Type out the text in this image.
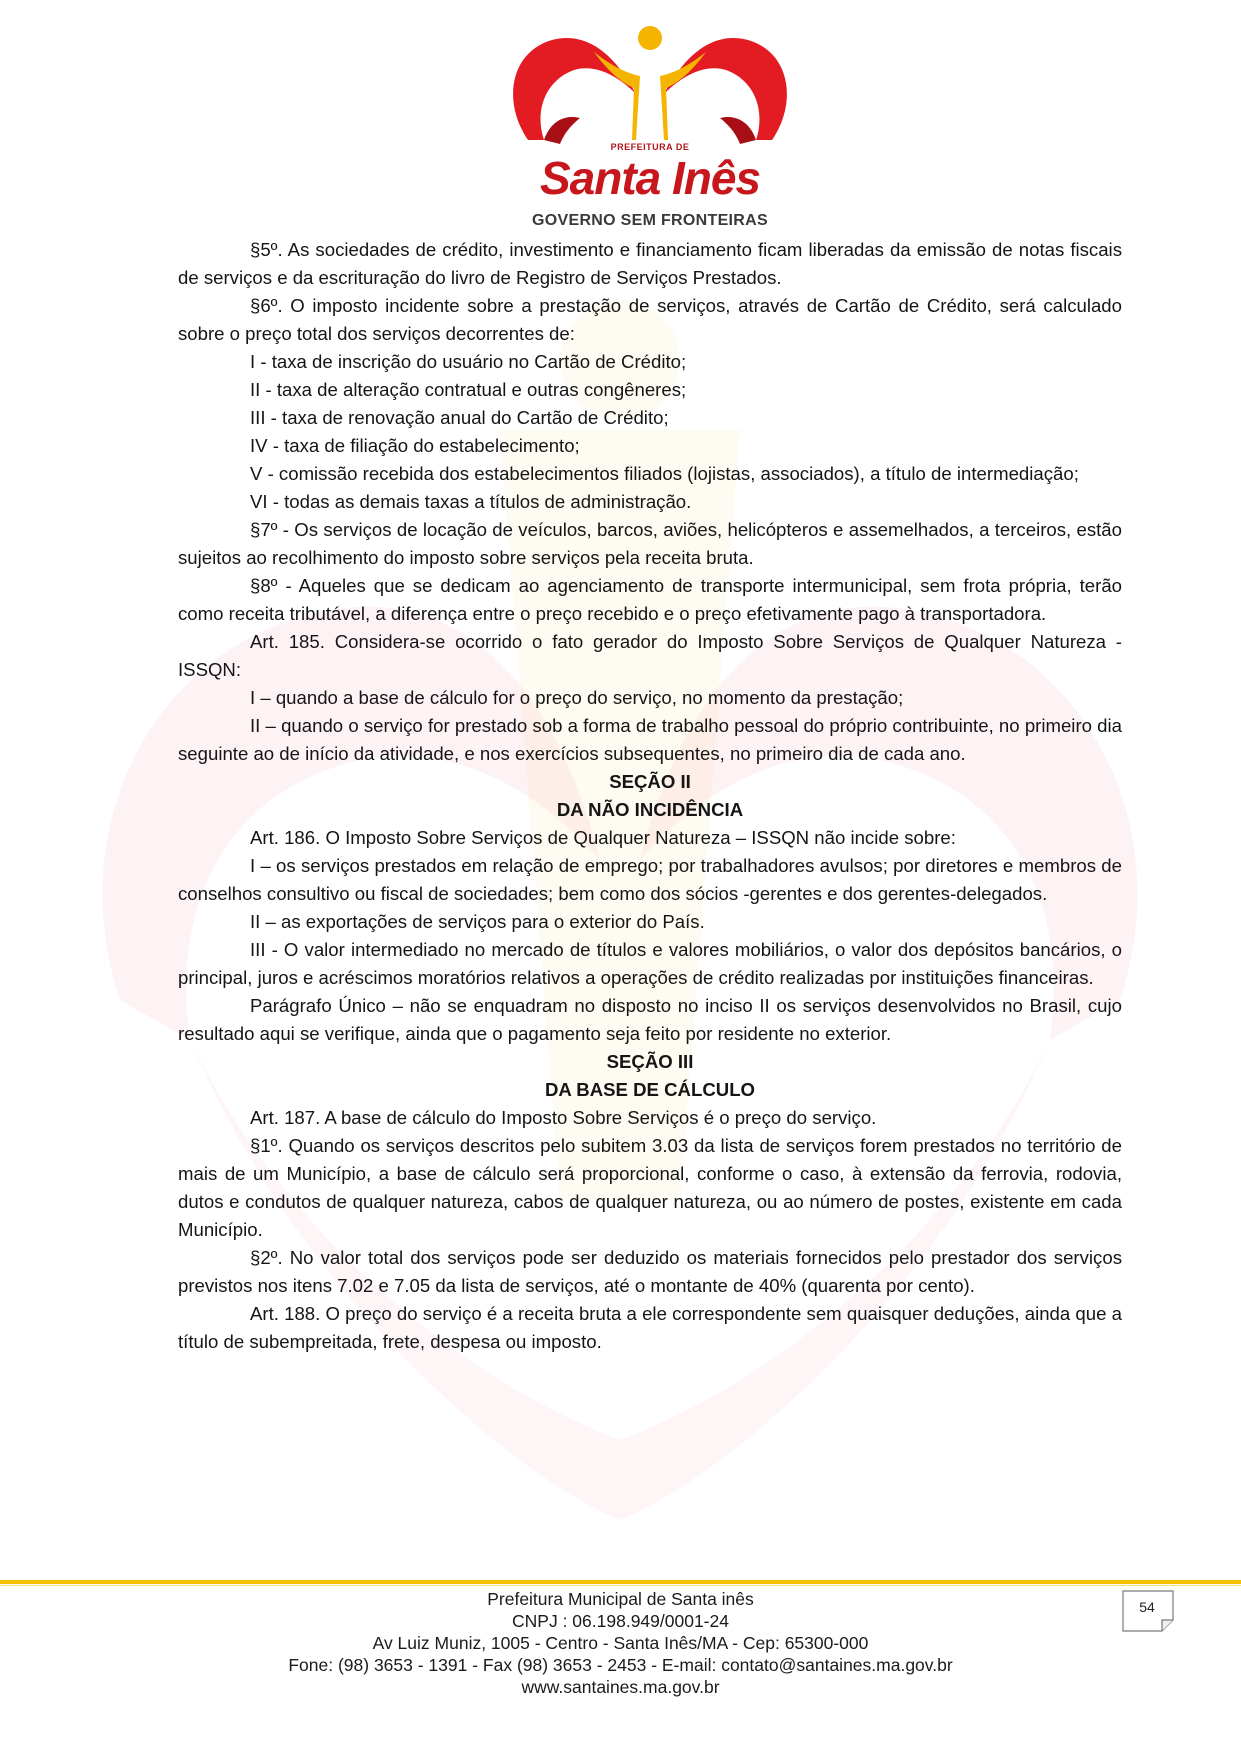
PREFEITURA DE
Santa Inês
GOVERNO SEM FRONTEIRAS

§5º. As sociedades de crédito, investimento e financiamento ficam liberadas da emissão de notas fiscais de serviços e da escrituração do livro de Registro de Serviços Prestados.

§6º. O imposto incidente sobre a prestação de serviços, através de Cartão de Crédito, será calculado sobre o preço total dos serviços decorrentes de:

I - taxa de inscrição do usuário no Cartão de Crédito;

II - taxa de alteração contratual e outras congêneres;

III - taxa de renovação anual do Cartão de Crédito;

IV - taxa de filiação do estabelecimento;

V - comissão recebida dos estabelecimentos filiados (lojistas, associados), a título de intermediação;

VI - todas as demais taxas a títulos de administração.

§7º - Os serviços de locação de veículos, barcos, aviões, helicópteros e assemelhados, a terceiros, estão sujeitos ao recolhimento do imposto sobre serviços pela receita bruta.

§8º - Aqueles que se dedicam ao agenciamento de transporte intermunicipal, sem frota própria, terão como receita tributável, a diferença entre o preço recebido e o preço efetivamente pago à transportadora.

Art. 185. Considera-se ocorrido o fato gerador do Imposto Sobre Serviços de Qualquer Natureza - ISSQN:

I – quando a base de cálculo for o preço do serviço, no momento da prestação;

II – quando o serviço for prestado sob a forma de trabalho pessoal do próprio contribuinte, no primeiro dia seguinte ao de início da atividade, e nos exercícios subsequentes, no primeiro dia de cada ano.

SEÇÃO II

DA NÃO INCIDÊNCIA

Art. 186. O Imposto Sobre Serviços de Qualquer Natureza – ISSQN não incide sobre:

I – os serviços prestados em relação de emprego; por trabalhadores avulsos; por diretores e membros de conselhos consultivo ou fiscal de sociedades; bem como dos sócios -gerentes e dos gerentes-delegados.

II – as exportações de serviços para o exterior do País.

III - O valor intermediado no mercado de títulos e valores mobiliários, o valor dos depósitos bancários, o principal, juros e acréscimos moratórios relativos a operações de crédito realizadas por instituições financeiras.

Parágrafo Único – não se enquadram no disposto no inciso II os serviços desenvolvidos no Brasil, cujo resultado aqui se verifique, ainda que o pagamento seja feito por residente no exterior.

SEÇÃO III

DA BASE DE CÁLCULO

Art. 187. A base de cálculo do Imposto Sobre Serviços é o preço do serviço.

§1º. Quando os serviços descritos pelo subitem 3.03 da lista de serviços forem prestados no território de mais de um Município, a base de cálculo será proporcional, conforme o caso, à extensão da ferrovia, rodovia, dutos e condutos de qualquer natureza, cabos de qualquer natureza, ou ao número de postes, existente em cada Município.

§2º. No valor total dos serviços pode ser deduzido os materiais fornecidos pelo prestador dos serviços previstos nos itens 7.02 e 7.05 da lista de serviços, até o montante de 40% (quarenta por cento).

Art. 188. O preço do serviço é a receita bruta a ele correspondente sem quaisquer deduções, ainda que a título de subempreitada, frete, despesa ou imposto.

Prefeitura Municipal de Santa inês
CNPJ : 06.198.949/0001-24
Av Luiz Muniz, 1005 - Centro - Santa Inês/MA - Cep: 65300-000
Fone: (98) 3653 - 1391 - Fax (98) 3653 - 2453 - E-mail: contato@santaines.ma.gov.br
www.santaines.ma.gov.br
54
